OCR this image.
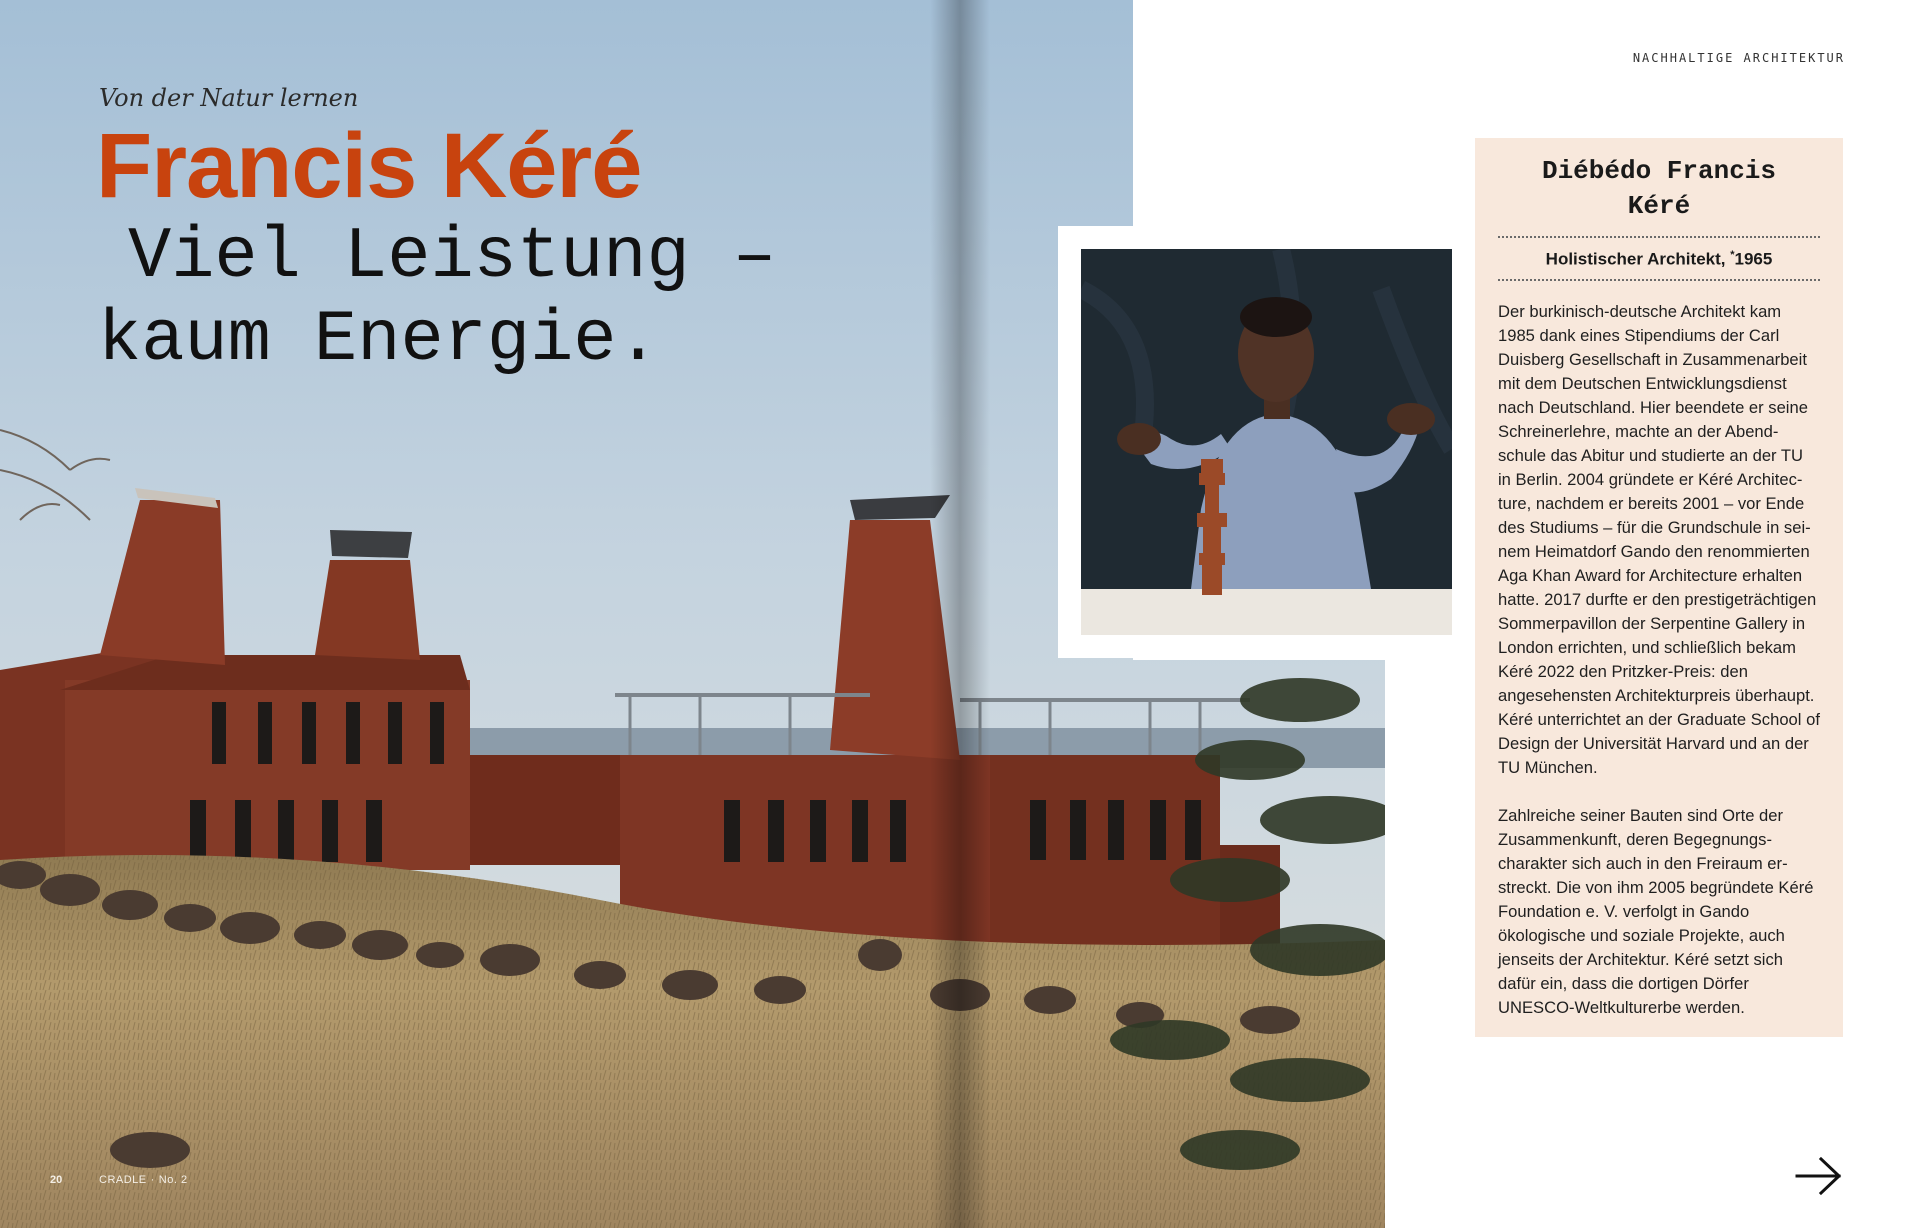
Von der Natur lernen
Francis Kéré
Viel Leistung –
kaum Energie.
NACHHALTIGE ARCHITEKTUR
Diébédo Francis
Kéré
Holistischer Architekt, *1965

Der burkinisch-deutsche Architekt kam 1985 dank eines Stipendiums der Carl Duisberg Gesellschaft in Zusammenarbeit mit dem Deutschen Entwicklungsdienst nach Deutschland. Hier beendete er seine Schreinerlehre, machte an der Abendschule das Abitur und studierte an der TU in Berlin. 2004 gründete er Kéré Architecture, nachdem er bereits 2001 – vor Ende des Studiums – für die Grundschule in seinem Heimatdorf Gando den renommierten Aga Khan Award for Architecture erhalten hatte. 2017 durfte er den prestigeträchtigen Sommerpavillon der Serpentine Gallery in London errichten, und schließlich bekam Kéré 2022 den Pritzker-Preis: den angesehensten Architekturpreis überhaupt. Kéré unterrichtet an der Graduate School of Design der Universität Harvard und an der TU München.

Zahlreiche seiner Bauten sind Orte der Zusammenkunft, deren Begegnungscharakter sich auch in den Freiraum erstreckt. Die von ihm 2005 begründete Kéré Foundation e. V. verfolgt in Gando ökologische und soziale Projekte, auch jenseits der Architektur. Kéré setzt sich dafür ein, dass die dortigen Dörfer UNESCO-Weltkulturerbe werden.

20	CRADLE · No. 2
